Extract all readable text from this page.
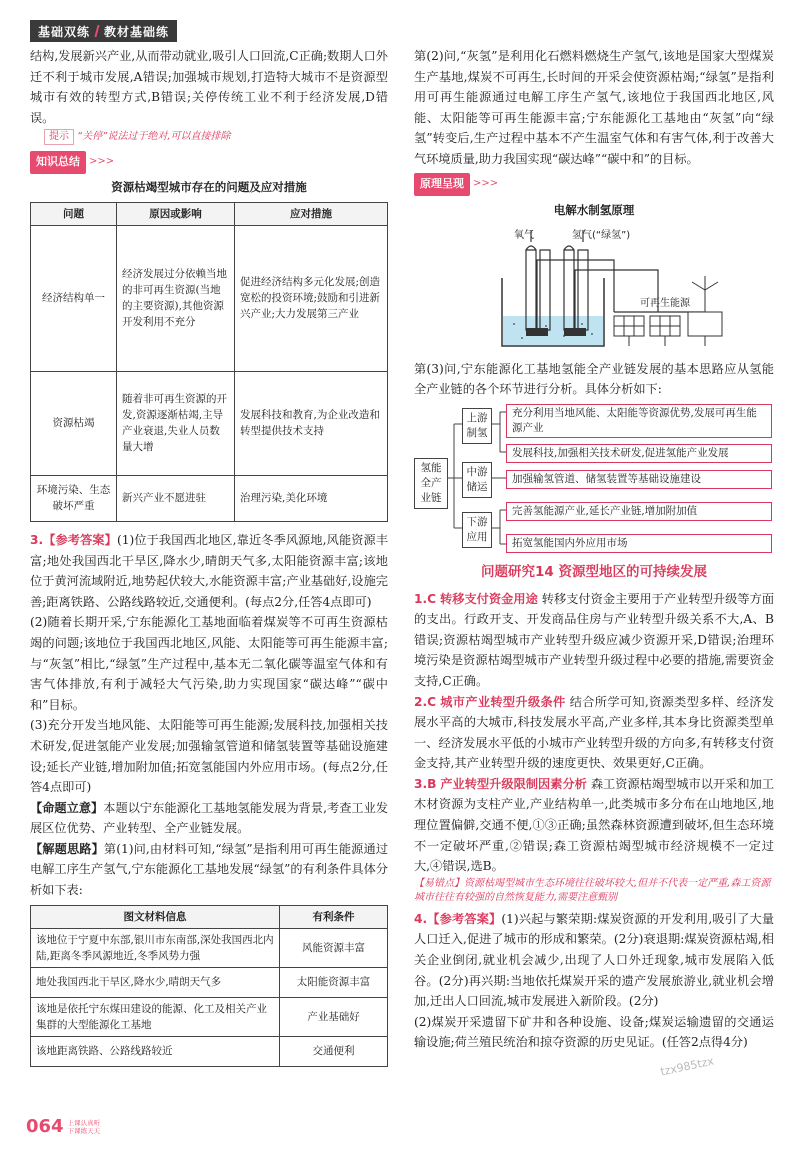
基础双练 教材基础练

结构,发展新兴产业,从而带动就业,吸引人口回流,C正确;数期人口外迁不利于城市发展,A错误;加强城市规划,打造特大城市不是资源型城市有效的转型方式,B错误;关停传统工业不利于经济发展,D错误。

提示 “关停”说法过于绝对,可以直接排除
知识总结 >>>
资源枯竭型城市存在的问题及应对措施
问题	原因或影响	应对措施
经济结构单一	经济发展过分依赖当地的非可再生资源(当地的主要资源),其他资源开发利用不充分	促进经济结构多元化发展;创造宽松的投资环境;鼓励和引进新兴产业;大力发展第三产业
资源枯竭	随着非可再生资源的开发,资源逐渐枯竭,主导产业衰退,失业人员数量大增	发展科技和教育,为企业改造和转型提供技术支持
环境污染、生态破坏严重	新兴产业不愿进驻	治理污染,美化环境

3.【参考答案】(1)位于我国西北地区,靠近冬季风源地,风能资源丰富;地处我国西北干旱区,降水少,晴朗天气多,太阳能资源丰富;该地位于黄河流域附近,地势起伏较大,水能资源丰富;产业基础好,设施完善;距离铁路、公路线路较近,交通便利。(每点2分,任答4点即可)

(2)随着长期开采,宁东能源化工基地面临着煤炭等不可再生资源枯竭的问题;该地位于我国西北地区,风能、太阳能等可再生能源丰富;与“灰氢”相比,“绿氢”生产过程中,基本无二氧化碳等温室气体和有害气体排放,有利于减轻大气污染,助力实现国家“碳达峰”“碳中和”目标。

(3)充分开发当地风能、太阳能等可再生能源;发展科技,加强相关技术研发,促进氢能产业发展;加强输氢管道和储氢装置等基础设施建设;延长产业链,增加附加值;拓宽氢能国内外应用市场。(每点2分,任答4点即可)

【命题立意】本题以宁东能源化工基地氢能发展为背景,考查工业发展区位优势、产业转型、全产业链发展。

【解题思路】第(1)问,由材料可知,“绿氢”是指利用可再生能源通过电解工序生产氢气,宁东能源化工基地发展“绿氢”的有利条件具体分析如下表:

图文材料信息	有利条件
该地位于宁夏中东部,银川市东南部,深处我国西北内陆,距离冬季风源地近,冬季风势力强	风能资源丰富
地处我国西北干旱区,降水少,晴朗天气多	太阳能资源丰富
该地是依托宁东煤田建设的能源、化工及相关产业集群的大型能源化工基地	产业基础好
该地距离铁路、公路线路较近	交通便利

第(2)问,“灰氢”是利用化石燃料燃烧生产氢气,该地是国家大型煤炭生产基地,煤炭不可再生,长时间的开采会使资源枯竭;“绿氢”是指利用可再生能源通过电解工序生产氢气,该地位于我国西北地区,风能、太阳能等可再生能源丰富;宁东能源化工基地由“灰氢”向“绿氢”转变后,生产过程中基本不产生温室气体和有害气体,利于改善大气环境质量,助力我国实现“碳达峰”“碳中和”的目标。

原理呈现 >>>
电解水制氢原理
氧气	氢气(“绿氢”)
可再生能源

第(3)问,宁东能源化工基地氢能全产业链发展的基本思路应从氢能全产业链的各个环节进行分析。具体分析如下:

氢能全产业链
上游制氢
中游储运
下游应用
充分利用当地风能、太阳能等资源优势,发展可再生能源产业
发展科技,加强相关技术研发,促进氢能产业发展
加强输氢管道、储氢装置等基础设施建设
完善氢能源产业,延长产业链,增加附加值
拓宽氢能国内外应用市场
问题研究14 资源型地区的可持续发展

1.C 转移支付资金用途 转移支付资金主要用于产业转型升级等方面的支出。行政开支、开发商品住房与产业转型升级关系不大,A、B错误;资源枯竭型城市产业转型升级应减少资源开采,D错误;治理环境污染是资源枯竭型城市产业转型升级过程中必要的措施,需要资金支持,C正确。

2.C 城市产业转型升级条件 结合所学可知,资源类型多样、经济发展水平高的大城市,科技发展水平高,产业多样,其本身比资源类型单一、经济发展水平低的小城市产业转型升级的方向多,有转移支付资金支持,其产业转型升级的速度更快、效果更好,C正确。

3.B 产业转型升级限制因素分析 森工资源枯竭型城市以开采和加工木材资源为支柱产业,产业结构单一,此类城市多分布在山地地区,地理位置偏僻,交通不便,①③正确;虽然森林资源遭到破坏,但生态环境不一定破坏严重,②错误;森工资源枯竭型城市经济规模不一定过大,④错误,选B。

【易错点】资源枯竭型城市生态环境往往破坏较大,但并不代表一定严重,森工资源城市往往有较强的自然恢复能力,需要注意甄别

4.【参考答案】(1)兴起与繁荣期:煤炭资源的开发利用,吸引了大量人口迁入,促进了城市的形成和繁荣。(2分)衰退期:煤炭资源枯竭,相关企业倒闭,就业机会减少,出现了人口外迁现象,城市发展陷入低谷。(2分)再兴期:当地依托煤炭开采的遗产发展旅游业,就业机会增加,迁出人口回流,城市发展进入新阶段。(2分)

(2)煤炭开采遗留下矿井和各种设施、设备;煤炭运输遗留的交通运输设施;荷兰殖民统治和掠夺资源的历史见证。(任答2点得4分)

tzx985tzx
064 上课认真听
下课练天天
